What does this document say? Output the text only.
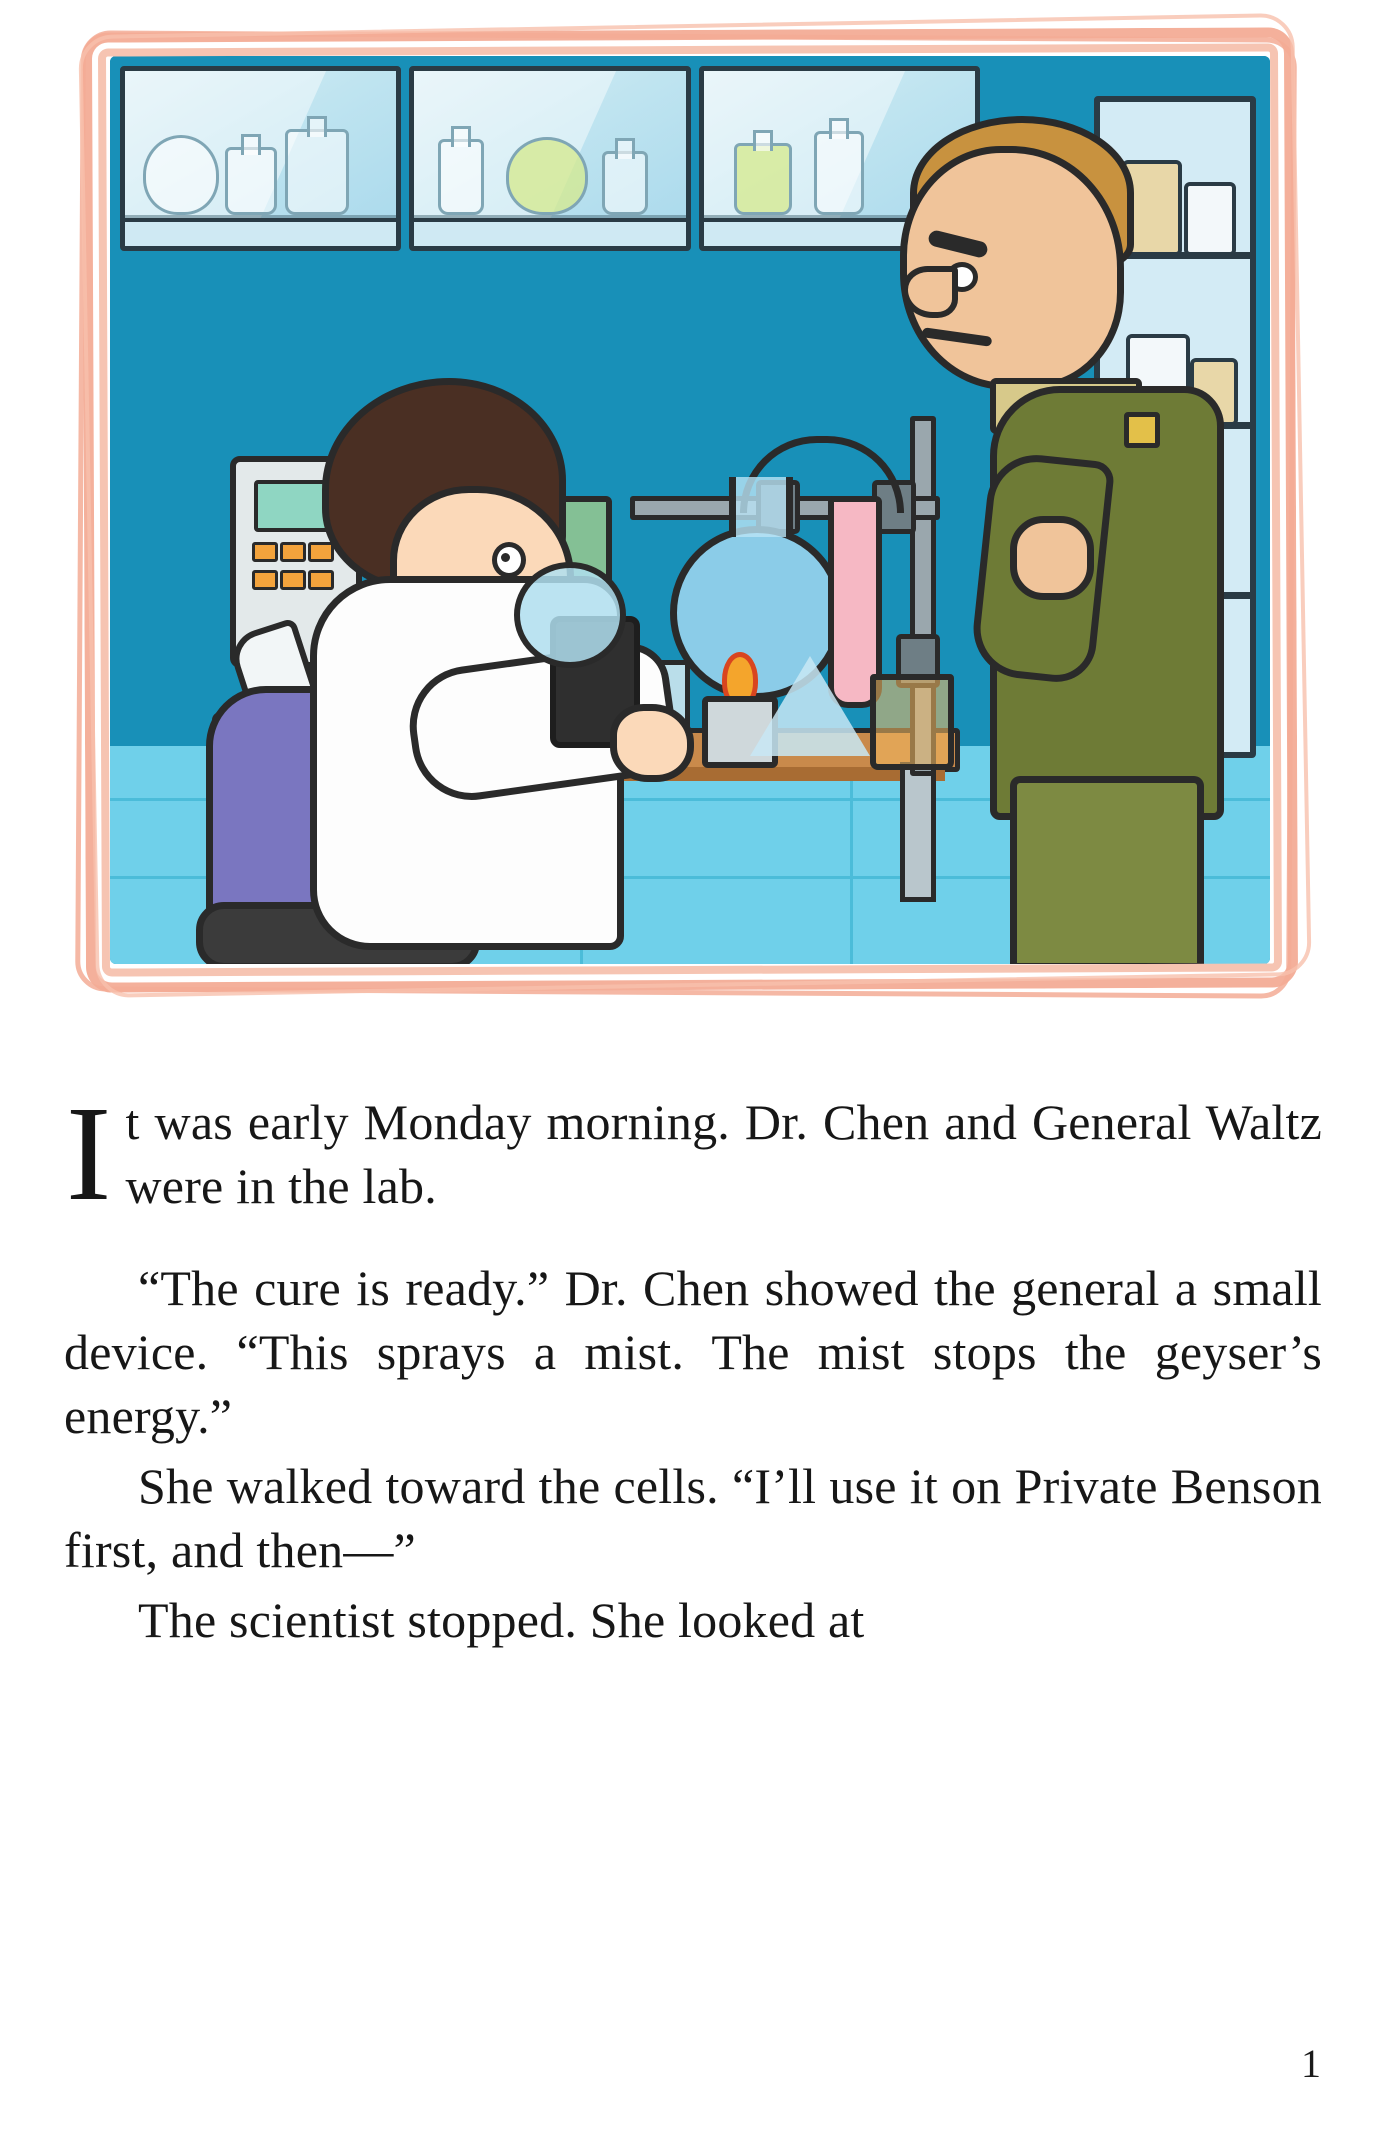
It was early Monday morning. Dr. Chen and General Waltz were in the lab.

“The cure is ready.” Dr. Chen showed the general a small device. “This sprays a mist. The mist stops the geyser’s energy.”

She walked toward the cells. “I’ll use it on Private Benson first, and then—”

The scientist stopped. She looked at

1
